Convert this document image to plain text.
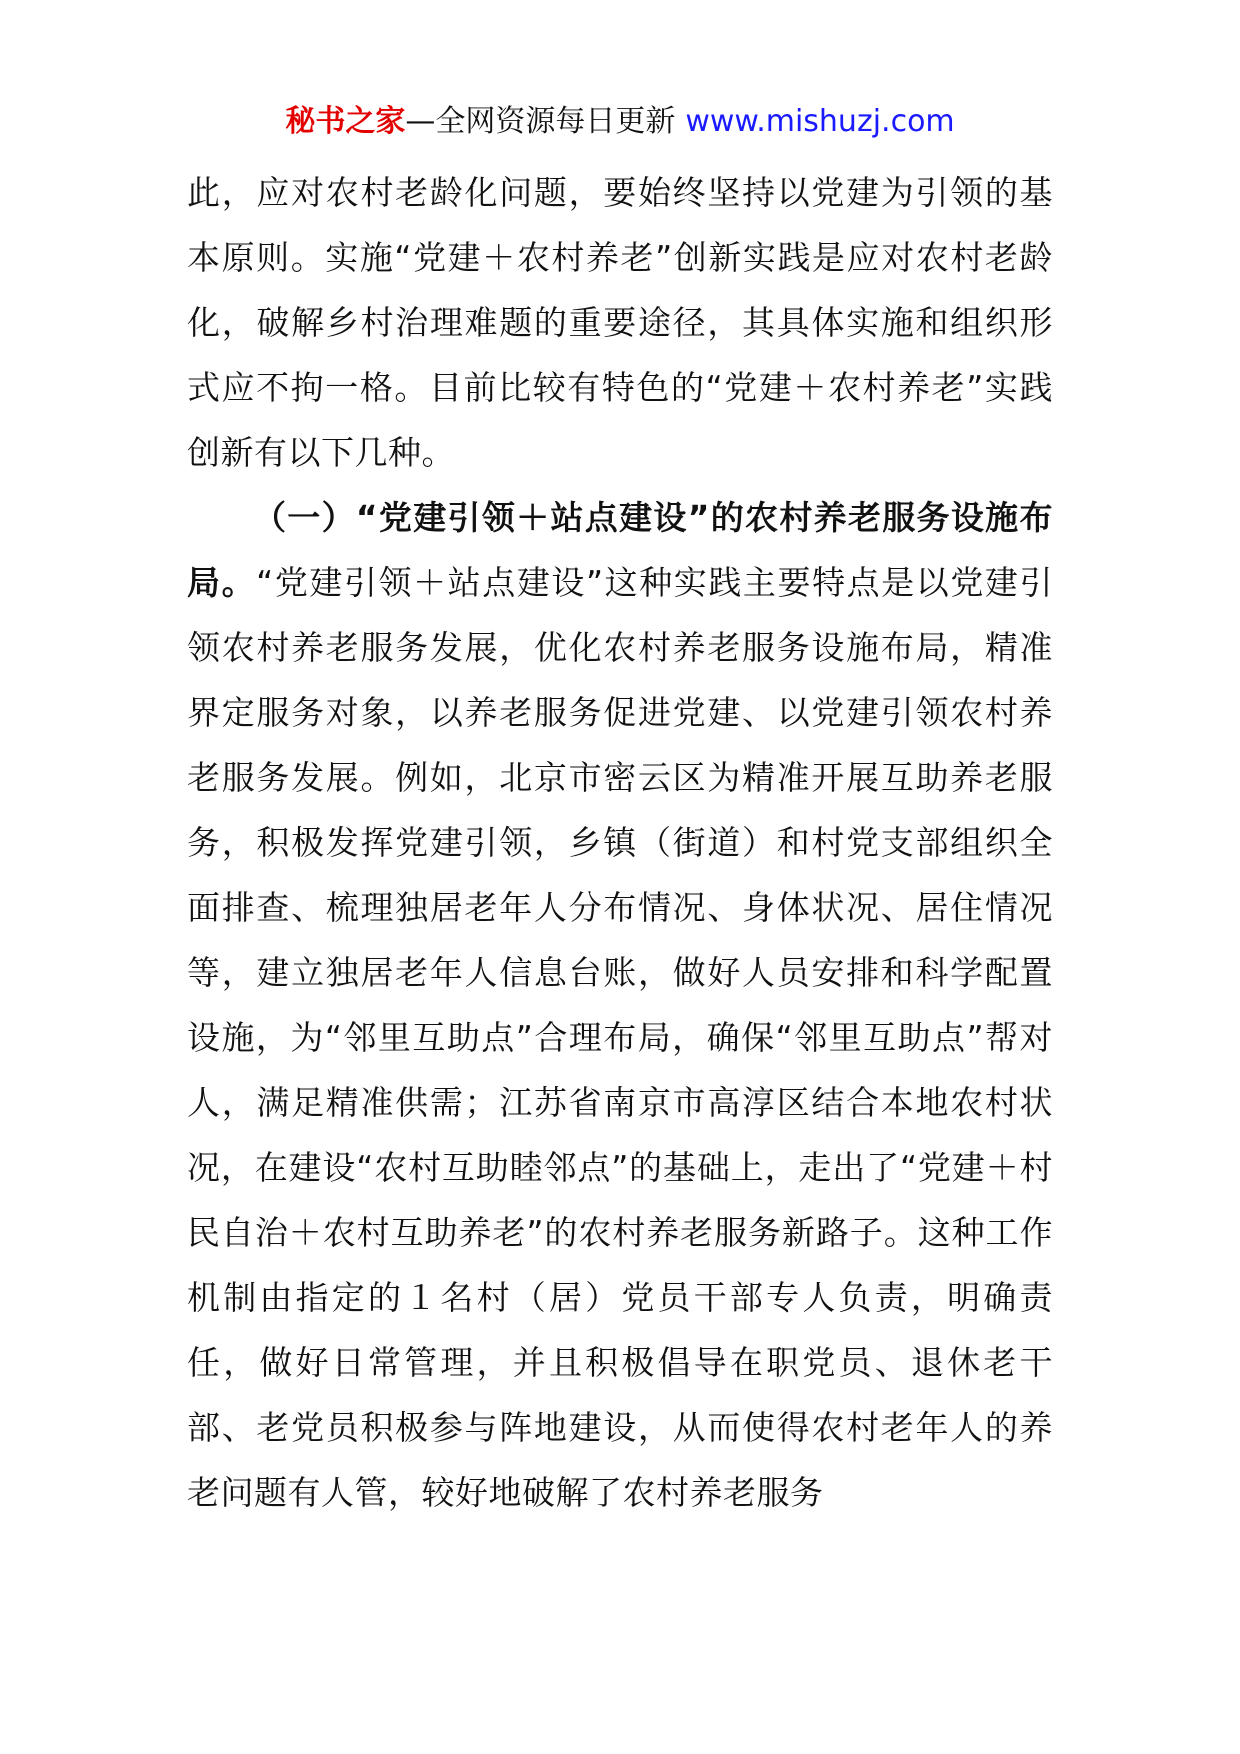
秘书之家—全网资源每日更新 www.mishuzj.com

此，应对农村老龄化问题，要始终坚持以党建为引领的基本原则。实施“党建＋农村养老”创新实践是应对农村老龄化，破解乡村治理难题的重要途径，其具体实施和组织形式应不拘一格。目前比较有特色的“党建＋农村养老”实践创新有以下几种。

（一）“党建引领＋站点建设”的农村养老服务设施布局。“党建引领＋站点建设”这种实践主要特点是以党建引领农村养老服务发展，优化农村养老服务设施布局，精准界定服务对象，以养老服务促进党建、以党建引领农村养老服务发展。例如，北京市密云区为精准开展互助养老服务，积极发挥党建引领，乡镇（街道）和村党支部组织全面排查、梳理独居老年人分布情况、身体状况、居住情况等，建立独居老年人信息台账，做好人员安排和科学配置设施，为“邻里互助点”合理布局，确保“邻里互助点”帮对人，满足精准供需；江苏省南京市高淳区结合本地农村状况，在建设“农村互助睦邻点”的基础上，走出了“党建＋村民自治＋农村互助养老”的农村养老服务新路子。这种工作机制由指定的１名村（居）党员干部专人负责，明确责任，做好日常管理，并且积极倡导在职党员、退休老干部、老党员积极参与阵地建设，从而使得农村老年人的养老问题有人管，较好地破解了农村养老服务
